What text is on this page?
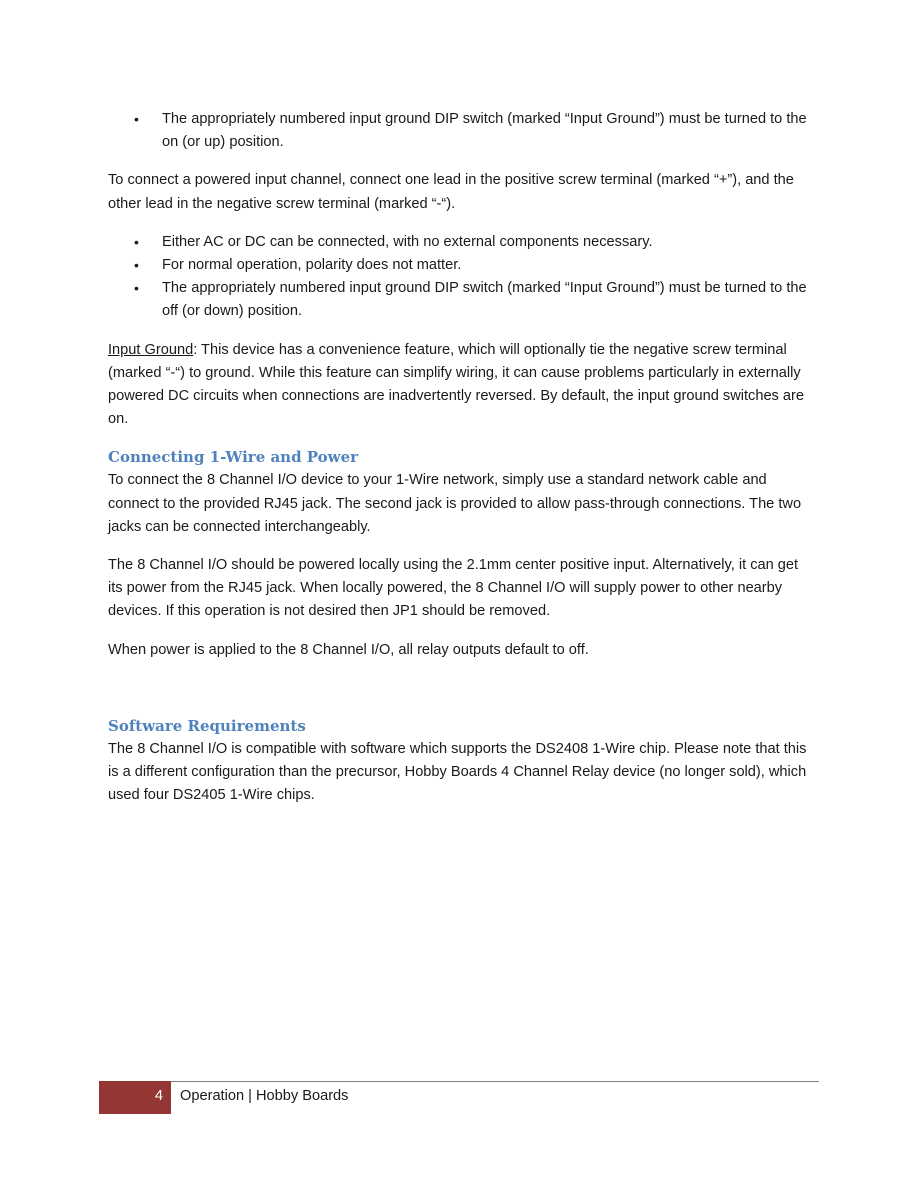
• The appropriately numbered input ground DIP switch (marked “Input Ground”) must be turned to the on (or up) position.

To connect a powered input channel, connect one lead in the positive screw terminal (marked “+”), and the other lead in the negative screw terminal (marked “-“).

• Either AC or DC can be connected, with no external components necessary.
• For normal operation, polarity does not matter.
• The appropriately numbered input ground DIP switch (marked “Input Ground”) must be turned to the off (or down) position.

Input Ground: This device has a convenience feature, which will optionally tie the negative screw terminal (marked “-“) to ground. While this feature can simplify wiring, it can cause problems particularly in externally powered DC circuits when connections are inadvertently reversed. By default, the input ground switches are on.

Connecting 1-Wire and Power

To connect the 8 Channel I/O device to your 1-Wire network, simply use a standard network cable and connect to the provided RJ45 jack. The second jack is provided to allow pass-through connections. The two jacks can be connected interchangeably.

The 8 Channel I/O should be powered locally using the 2.1mm center positive input. Alternatively, it can get its power from the RJ45 jack. When locally powered, the 8 Channel I/O will supply power to other nearby devices. If this operation is not desired then JP1 should be removed.

When power is applied to the 8 Channel I/O, all relay outputs default to off.

Software Requirements

The 8 Channel I/O is compatible with software which supports the DS2408 1-Wire chip. Please note that this is a different configuration than the precursor, Hobby Boards 4 Channel Relay device (no longer sold), which used four DS2405 1-Wire chips.

4 Operation | Hobby Boards
